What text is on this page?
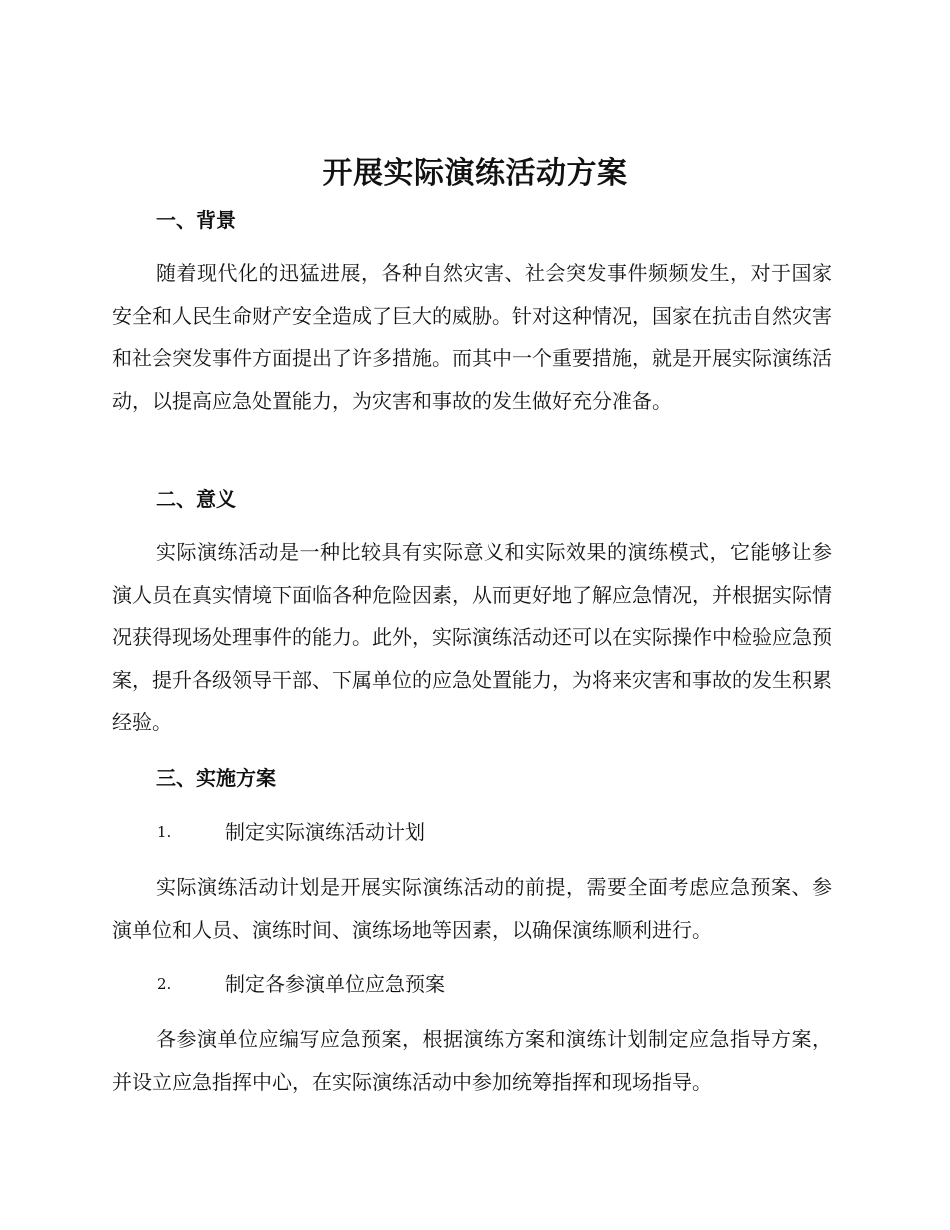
开展实际演练活动方案
一、背景

随着现代化的迅猛进展，各种自然灾害、社会突发事件频频发生，对于国家安全和人民生命财产安全造成了巨大的威胁。针对这种情况，国家在抗击自然灾害和社会突发事件方面提出了许多措施。而其中一个重要措施，就是开展实际演练活动，以提高应急处置能力，为灾害和事故的发生做好充分准备。

二、意义

实际演练活动是一种比较具有实际意义和实际效果的演练模式，它能够让参演人员在真实情境下面临各种危险因素，从而更好地了解应急情况，并根据实际情况获得现场处理事件的能力。此外，实际演练活动还可以在实际操作中检验应急预案，提升各级领导干部、下属单位的应急处置能力，为将来灾害和事故的发生积累经验。

三、实施方案
1.	制定实际演练活动计划

实际演练活动计划是开展实际演练活动的前提，需要全面考虑应急预案、参演单位和人员、演练时间、演练场地等因素，以确保演练顺利进行。

2.	制定各参演单位应急预案

各参演单位应编写应急预案，根据演练方案和演练计划制定应急指导方案，并设立应急指挥中心，在实际演练活动中参加统筹指挥和现场指导。
